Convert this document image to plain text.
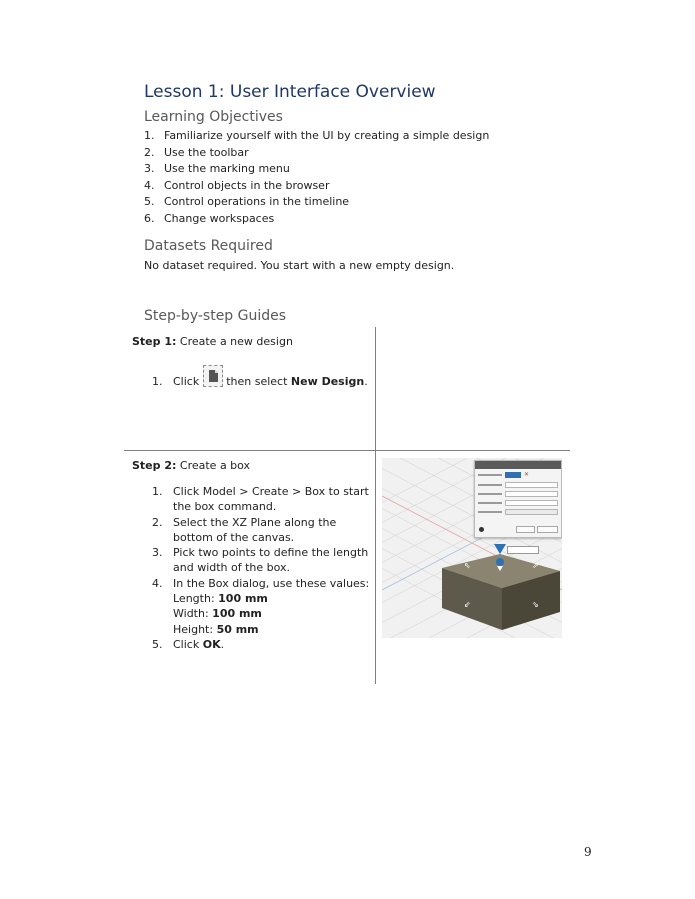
Lesson 1: User Interface Overview
Learning Objectives
1. Familiarize yourself with the UI by creating a simple design
2. Use the toolbar
3. Use the marking menu
4. Control objects in the browser
5. Control operations in the timeline
6. Change workspaces
Datasets Required
No dataset required. You start with a new empty design.
Step-by-step Guides
Step 1: Create a new design
1. Click
then select New Design.
Step 2: Create a box
1. Click Model > Create > Box to start the box command.
2. Select the XZ Plane along the bottom of the canvas.
3. Pick two points to define the length and width of the box.
4. In the Box dialog, use these values:
Length: 100 mm
Width: 100 mm
Height: 50 mm
5. Click OK.
⇖	⇗
⇙	⇘
✕
9
